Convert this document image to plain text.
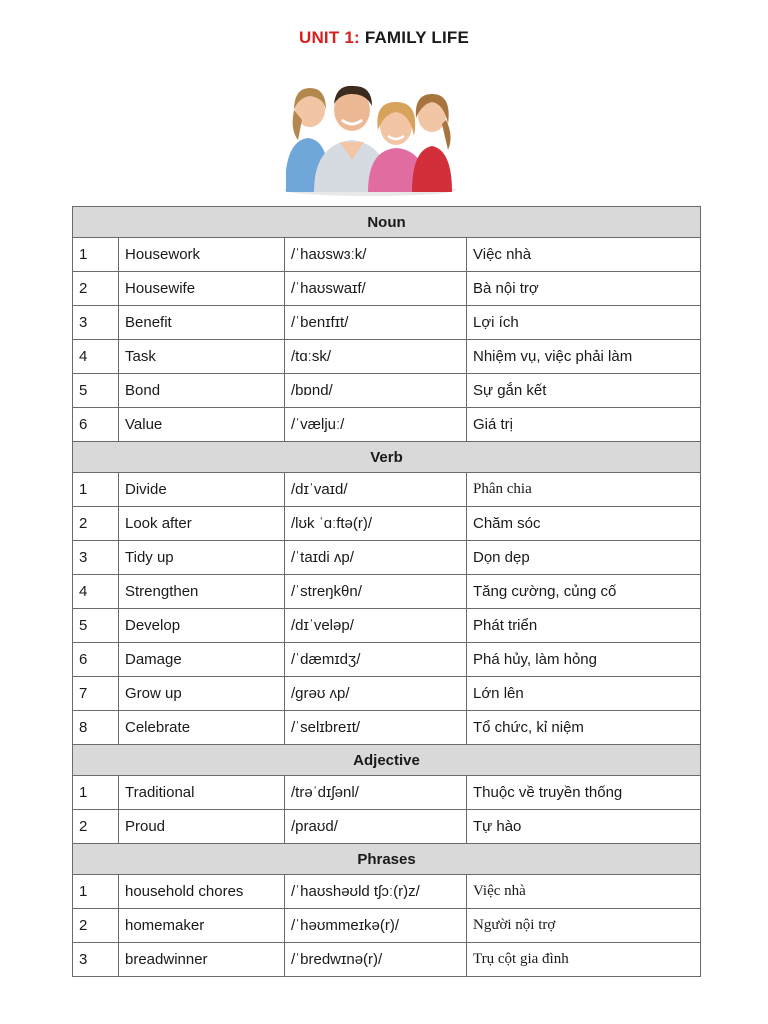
UNIT 1: FAMILY LIFE
Noun			
1	Housework	/ˈhaʊswɜːk/	Việc nhà
2	Housewife	/ˈhaʊswaɪf/	Bà nội trợ
3	Benefit	/ˈbenɪfɪt/	Lợi ích
4	Task	/tɑːsk/	Nhiệm vụ, việc phải làm
5	Bond	/bɒnd/	Sự gắn kết
6	Value	/ˈvæljuː/	Giá trị
Verb			
1	Divide	/dɪˈvaɪd/	Phân chia
2	Look after	/lʊk ˈɑːftə(r)/	Chăm sóc
3	Tidy up	/ˈtaɪdi ʌp/	Dọn dẹp
4	Strengthen	/ˈstreŋkθn/	Tăng cường, củng cố
5	Develop	/dɪˈveləp/	Phát triển
6	Damage	/ˈdæmɪdʒ/	Phá hủy, làm hỏng
7	Grow up	/ɡrəʊ ʌp/	Lớn lên
8	Celebrate	/ˈselɪbreɪt/	Tổ chức, kỉ niệm
Adjective			
1	Traditional	/trəˈdɪʃənl/	Thuộc về truyền thống
2	Proud	/praʊd/	Tự hào
Phrases			
1	household chores	/ˈhaʊshəʊld tʃɔː(r)z/	Việc nhà
2	homemaker	/ˈhəʊmmeɪkə(r)/	Người nội trợ
3	breadwinner	/ˈbredwɪnə(r)/	Trụ cột gia đình
